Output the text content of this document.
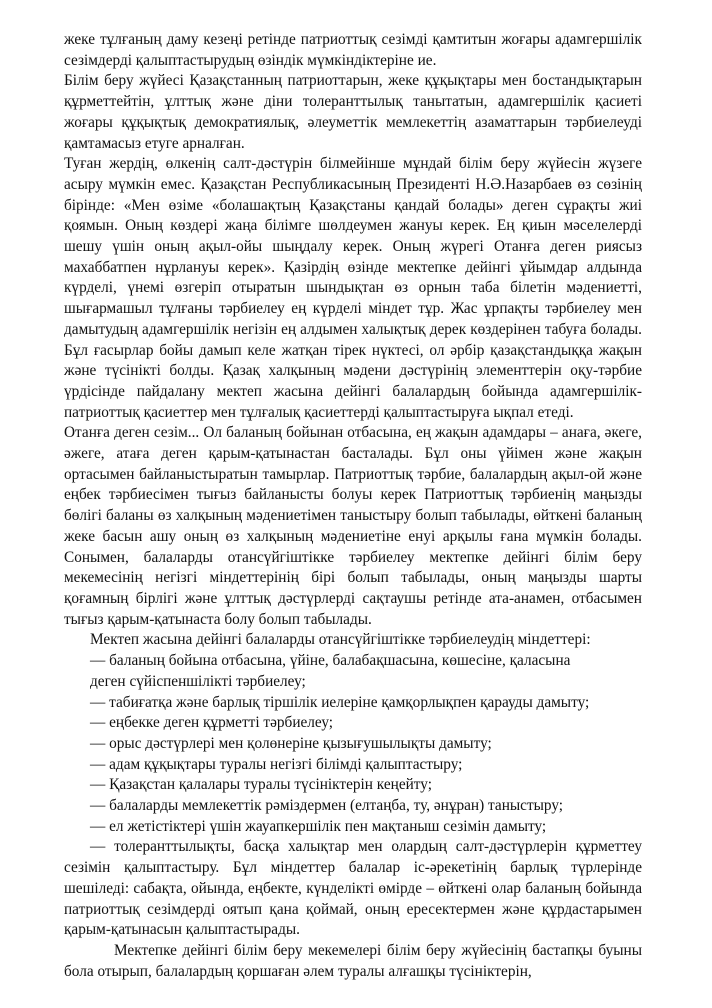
жеке тұлғаның даму кезеңі ретінде патриоттық сезімді қамтитын жоғары адамгершілік сезімдерді қалыптастырудың өзіндік мүмкіндіктеріне ие.

Білім беру жүйесі Қазақстанның патриоттарын, жеке құқықтары мен бостандықтарын құрметтейтін, ұлттық және діни толеранттылық танытатын, адамгершілік қасиеті жоғары құқықтық демократиялық, әлеуметтік мемлекеттің азаматтарын тәрбиелеуді қамтамасыз етуге арналған.

Туған жердің, өлкенің салт-дәстүрін білмейінше мұндай білім беру жүйесін жүзеге асыру мүмкін емес. Қазақстан Республикасының Президенті Н.Ә.Назарбаев өз сөзінің бірінде: «Мен өзіме «болашақтың Қазақстаны қандай болады» деген сұрақты жиі қоямын. Оның көздері жаңа білімге шөлдеумен жануы керек. Ең қиын мәселелерді шешу үшін оның ақыл-ойы шыңдалу керек. Оның жүрегі Отанға деген риясыз махаббатпен нұрлануы керек». Қазірдің өзінде мектепке дейінгі ұйымдар алдында күрделі, үнемі өзгеріп отыратын шындықтан өз орнын таба білетін мәдениетті, шығармашыл тұлғаны тәрбиелеу ең күрделі міндет тұр. Жас ұрпақты тәрбиелеу мен дамытудың адамгершілік негізін ең алдымен халықтық дерек көздерінен табуға болады. Бұл ғасырлар бойы дамып келе жатқан тірек нүктесі, ол әрбір қазақстандыққа жақын және түсінікті болды. Қазақ халқының мәдени дәстүрінің элементтерін оқу-тәрбие үрдісінде пайдалану мектеп жасына дейінгі балалардың бойында адамгершілік-патриоттық қасиеттер мен тұлғалық қасиеттерді қалыптастыруға ықпал етеді.

Отанға деген сезім... Ол баланың бойынан отбасына, ең жақын адамдары – анаға, әкеге, әжеге, атаға деген қарым-қатынастан басталады. Бұл оны үйімен және жақын ортасымен байланыстыратын тамырлар. Патриоттық тәрбие, балалардың ақыл-ой және еңбек тәрбиесімен тығыз байланысты болуы керек Патриоттық тәрбиенің маңызды бөлігі баланы өз халқының мәдениетімен таныстыру болып табылады, өйткені баланың жеке басын ашу оның өз халқының мәдениетіне енуі арқылы ғана мүмкін болады. Сонымен, балаларды отансүйгіштікке тәрбиелеу мектепке дейінгі білім беру мекемесінің негізгі міндеттерінің бірі болып табылады, оның маңызды шарты қоғамның бірлігі және ұлттық дәстүрлерді сақтаушы ретінде ата-анамен, отбасымен тығыз қарым-қатынаста болу болып табылады.

Мектеп жасына дейінгі балаларды отансүйгіштікке тәрбиелеудің міндеттері:

— баланың бойына отбасына, үйіне, балабақшасына, көшесіне, қаласына
деген сүйіспеншілікті тәрбиелеу;
— табиғатқа және барлық тіршілік иелеріне қамқорлықпен қарауды дамыту;
— еңбекке деген құрметті тәрбиелеу;
— орыс дәстүрлері мен қолөнеріне қызығушылықты дамыту;
— адам құқықтары туралы негізгі білімді қалыптастыру;
— Қазақстан қалалары туралы түсініктерін кеңейту;
— балаларды мемлекеттік рәміздермен (елтаңба, ту, әнұран) таныстыру;
— ел жетістіктері үшін жауапкершілік пен мақтаныш сезімін дамыту;

— толеранттылықты, басқа халықтар мен олардың салт-дәстүрлерін құрметтеу сезімін қалыптастыру. Бұл міндеттер балалар іс-әрекетінің барлық түрлерінде шешіледі: сабақта, ойында, еңбекте, күнделікті өмірде – өйткені олар баланың бойында патриоттық сезімдерді оятып қана қоймай, оның ересектермен және құрдастарымен қарым-қатынасын қалыптастырады.

Мектепке дейінгі білім беру мекемелері білім беру жүйесінің бастапқы буыны бола отырып, балалардың қоршаған әлем туралы алғашқы түсініктерін,
